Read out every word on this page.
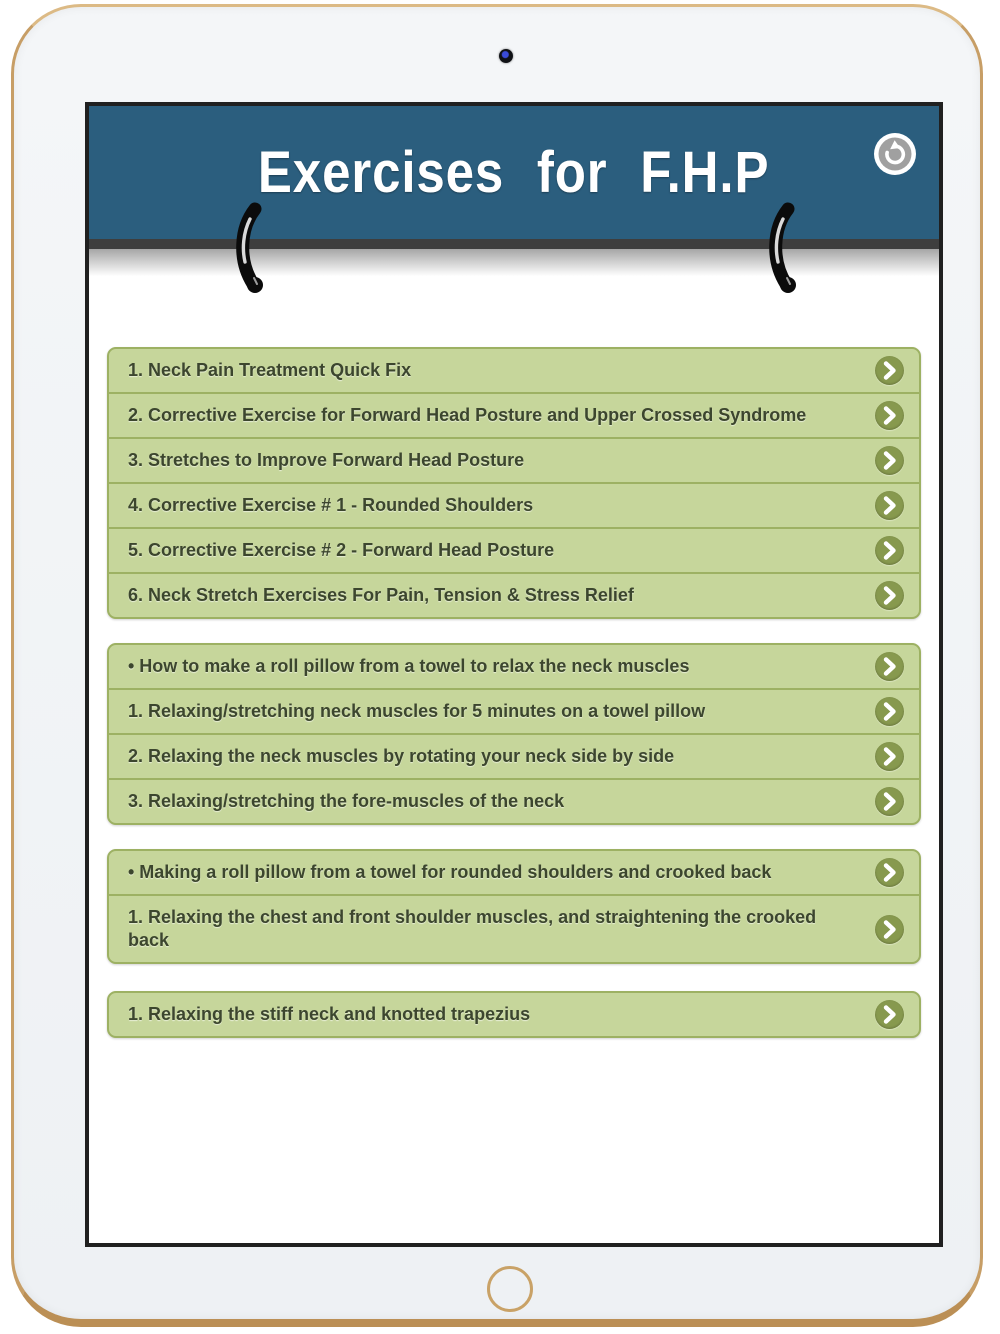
Exercises for F.H.P
1. Neck Pain Treatment Quick Fix
2. Corrective Exercise for Forward Head Posture and Upper Crossed Syndrome
3. Stretches to Improve Forward Head Posture
4. Corrective Exercise # 1 - Rounded Shoulders
5. Corrective Exercise # 2 - Forward Head Posture
6. Neck Stretch Exercises For Pain, Tension & Stress Relief
• How to make a roll pillow from a towel to relax the neck muscles
1. Relaxing/stretching neck muscles for 5 minutes on a towel pillow
2. Relaxing the neck muscles by rotating your neck side by side
3. Relaxing/stretching the fore-muscles of the neck
• Making a roll pillow from a towel for rounded shoulders and crooked back
1. Relaxing the chest and front shoulder muscles, and straightening the crooked back
1. Relaxing the stiff neck and knotted trapezius
